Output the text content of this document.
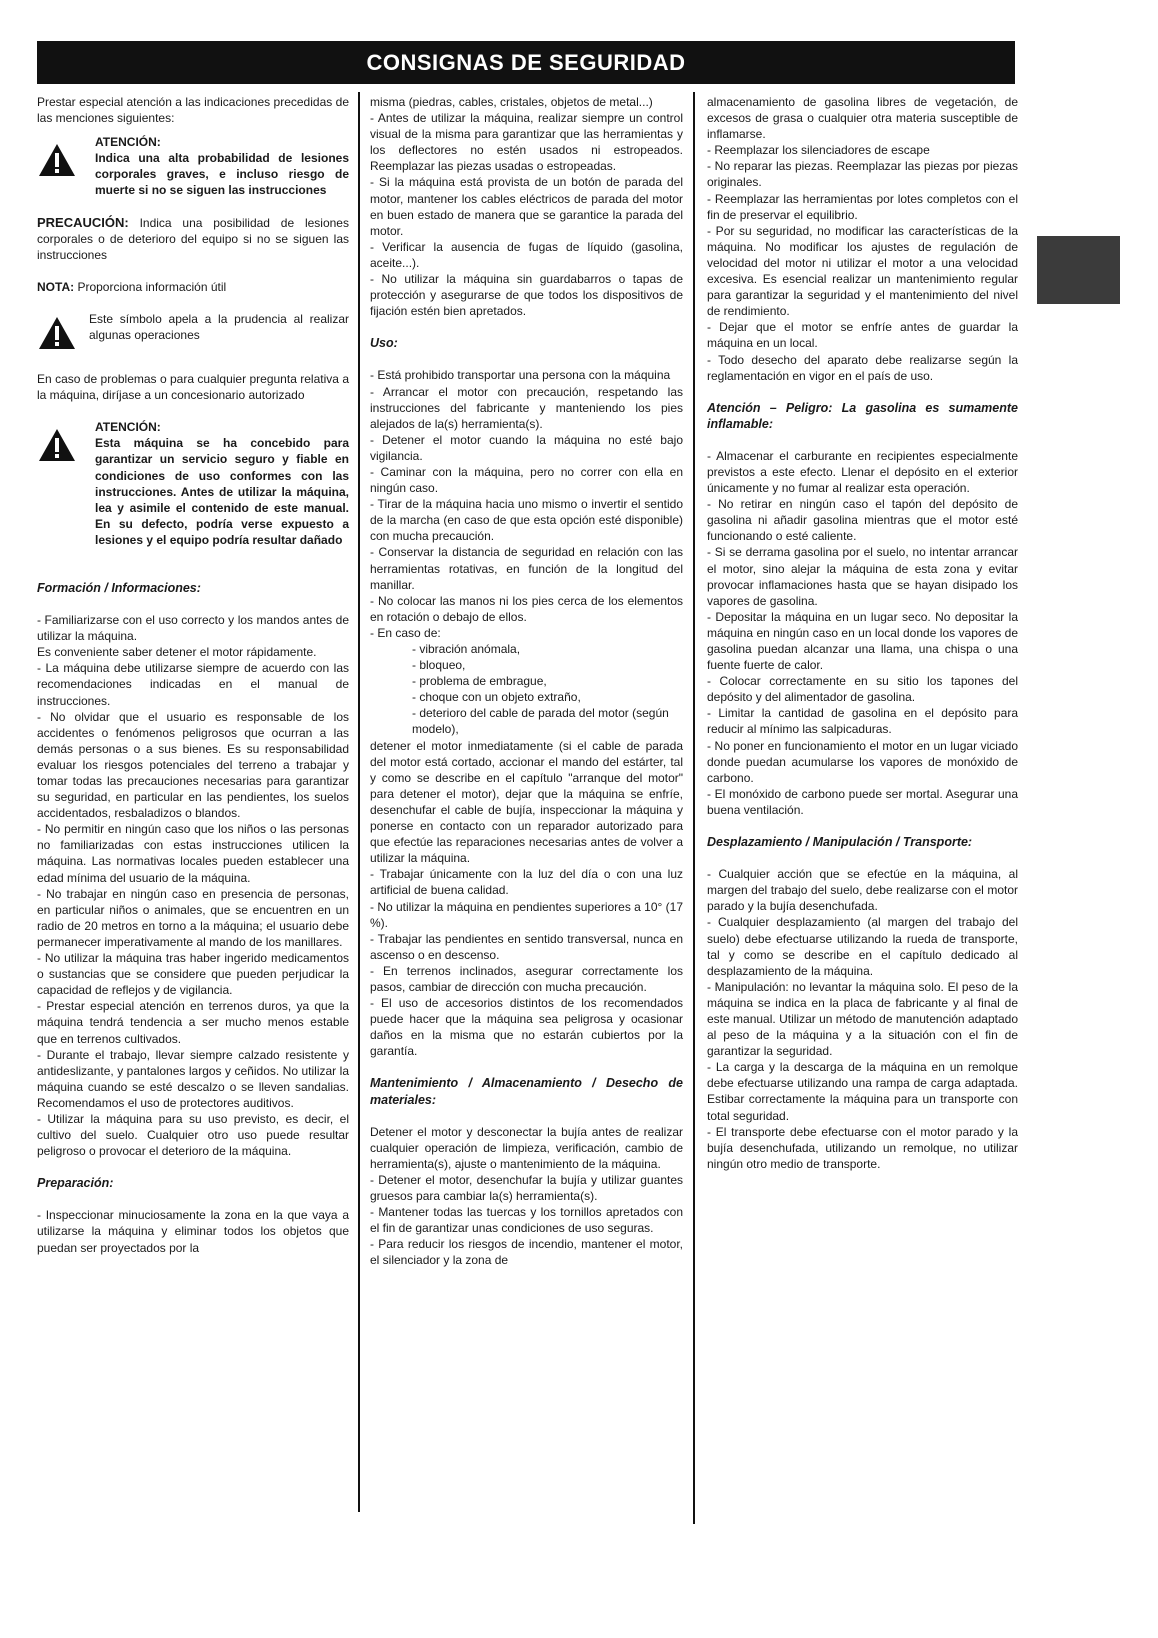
CONSIGNAS DE SEGURIDAD

Prestar especial atención a las indicaciones precedidas de las menciones siguientes:

ATENCIÓN:

Indica una alta probabilidad de lesiones corporales graves, e incluso riesgo de muerte si no se siguen las instrucciones

PRECAUCIÓN: Indica una posibilidad de lesiones corporales o de deterioro del equipo si no se siguen las instrucciones

NOTA: Proporciona información útil

Este símbolo apela a la prudencia al realizar algunas operaciones

En caso de problemas o para cualquier pregunta relativa a la máquina, diríjase a un concesionario autorizado

ATENCIÓN:

Esta máquina se ha concebido para garantizar un servicio seguro y fiable en condiciones de uso conformes con las instrucciones. Antes de utilizar la máquina, lea y asimile el contenido de este manual. En su defecto, podría verse expuesto a lesiones y el equipo podría resultar dañado

Formación / Informaciones:

- Familiarizarse con el uso correcto y los mandos antes de utilizar la máquina.

Es conveniente saber detener el motor rápidamente.

- La máquina debe utilizarse siempre de acuerdo con las recomendaciones indicadas en el manual de instrucciones.

- No olvidar que el usuario es responsable de los accidentes o fenómenos peligrosos que ocurran a las demás personas o a sus bienes. Es su responsabilidad evaluar los riesgos potenciales del terreno a trabajar y tomar todas las precauciones necesarias para garantizar su seguridad, en particular en las pendientes, los suelos accidentados, resbaladizos o blandos.

- No permitir en ningún caso que los niños o las personas no familiarizadas con estas instrucciones utilicen la máquina. Las normativas locales pueden establecer una edad mínima del usuario de la máquina.

- No trabajar en ningún caso en presencia de personas, en particular niños o animales, que se encuentren en un radio de 20 metros en torno a la máquina; el usuario debe permanecer imperativamente al mando de los manillares.

- No utilizar la máquina tras haber ingerido medicamentos o sustancias que se considere que pueden perjudicar la capacidad de reflejos y de vigilancia.

- Prestar especial atención en terrenos duros, ya que la máquina tendrá tendencia a ser mucho menos estable que en terrenos cultivados.

- Durante el trabajo, llevar siempre calzado resistente y antideslizante, y pantalones largos y ceñidos. No utilizar la máquina cuando se esté descalzo o se lleven sandalias. Recomendamos el uso de protectores auditivos.

- Utilizar la máquina para su uso previsto, es decir, el cultivo del suelo. Cualquier otro uso puede resultar peligroso o provocar el deterioro de la máquina.

Preparación:

- Inspeccionar minuciosamente la zona en la que vaya a utilizarse la máquina y eliminar todos los objetos que puedan ser proyectados por la

misma (piedras, cables, cristales, objetos de metal...)

- Antes de utilizar la máquina, realizar siempre un control visual de la misma para garantizar que las herramientas y los deflectores no estén usados ni estropeados. Reemplazar las piezas usadas o estropeadas.

- Si la máquina está provista de un botón de parada del motor, mantener los cables eléctricos de parada del motor en buen estado de manera que se garantice la parada del motor.

- Verificar la ausencia de fugas de líquido (gasolina, aceite...).

- No utilizar la máquina sin guardabarros o tapas de protección y asegurarse de que todos los dispositivos de fijación estén bien apretados.

Uso:

- Está prohibido transportar una persona con la máquina

- Arrancar el motor con precaución, respetando las instrucciones del fabricante y manteniendo los pies alejados de la(s) herramienta(s).

- Detener el motor cuando la máquina no esté bajo vigilancia.

- Caminar con la máquina, pero no correr con ella en ningún caso.

- Tirar de la máquina hacia uno mismo o invertir el sentido de la marcha (en caso de que esta opción esté disponible) con mucha precaución.

- Conservar la distancia de seguridad en relación con las herramientas rotativas, en función de la longitud del manillar.

- No colocar las manos ni los pies cerca de los elementos en rotación o debajo de ellos.

- En caso de:

- vibración anómala,

- bloqueo,

- problema de embrague,

- choque con un objeto extraño,

- deterioro del cable de parada del motor (según modelo),

detener el motor inmediatamente (si el cable de parada del motor está cortado, accionar el mando del estárter, tal y como se describe en el capítulo "arranque del motor" para detener el motor), dejar que la máquina se enfríe, desenchufar el cable de bujía, inspeccionar la máquina y ponerse en contacto con un reparador autorizado para que efectúe las reparaciones necesarias antes de volver a utilizar la máquina.

- Trabajar únicamente con la luz del día o con una luz artificial de buena calidad.

- No utilizar la máquina en pendientes superiores a 10° (17 %).

- Trabajar las pendientes en sentido transversal, nunca en ascenso o en descenso.

- En terrenos inclinados, asegurar correctamente los pasos, cambiar de dirección con mucha precaución.

- El uso de accesorios distintos de los recomendados puede hacer que la máquina sea peligrosa y ocasionar daños en la misma que no estarán cubiertos por la garantía.

Mantenimiento / Almacenamiento / Desecho de materiales:

Detener el motor y desconectar la bujía antes de realizar cualquier operación de limpieza, verificación, cambio de herramienta(s), ajuste o mantenimiento de la máquina.

- Detener el motor, desenchufar la bujía y utilizar guantes gruesos para cambiar la(s) herramienta(s).

- Mantener todas las tuercas y los tornillos apretados con el fin de garantizar unas condiciones de uso seguras.

- Para reducir los riesgos de incendio, mantener el motor, el silenciador y la zona de

almacenamiento de gasolina libres de vegetación, de excesos de grasa o cualquier otra materia susceptible de inflamarse.

- Reemplazar los silenciadores de escape

- No reparar las piezas. Reemplazar las piezas por piezas originales.

- Reemplazar las herramientas por lotes completos con el fin de preservar el equilibrio.

- Por su seguridad, no modificar las características de la máquina. No modificar los ajustes de regulación de velocidad del motor ni utilizar el motor a una velocidad excesiva. Es esencial realizar un mantenimiento regular para garantizar la seguridad y el mantenimiento del nivel de rendimiento.

- Dejar que el motor se enfríe antes de guardar la máquina en un local.

- Todo desecho del aparato debe realizarse según la reglamentación en vigor en el país de uso.

Atención – Peligro: La gasolina es sumamente inflamable:

- Almacenar el carburante en recipientes especialmente previstos a este efecto. Llenar el depósito en el exterior únicamente y no fumar al realizar esta operación.

- No retirar en ningún caso el tapón del depósito de gasolina ni añadir gasolina mientras que el motor esté funcionando o esté caliente.

- Si se derrama gasolina por el suelo, no intentar arrancar el motor, sino alejar la máquina de esta zona y evitar provocar inflamaciones hasta que se hayan disipado los vapores de gasolina.

- Depositar la máquina en un lugar seco. No depositar la máquina en ningún caso en un local donde los vapores de gasolina puedan alcanzar una llama, una chispa o una fuente fuerte de calor.

- Colocar correctamente en su sitio los tapones del depósito y del alimentador de gasolina.

- Limitar la cantidad de gasolina en el depósito para reducir al mínimo las salpicaduras.

- No poner en funcionamiento el motor en un lugar viciado donde puedan acumularse los vapores de monóxido de carbono.

- El monóxido de carbono puede ser mortal. Asegurar una buena ventilación.

Desplazamiento / Manipulación / Transporte:

- Cualquier acción que se efectúe en la máquina, al margen del trabajo del suelo, debe realizarse con el motor parado y la bujía desenchufada.

- Cualquier desplazamiento (al margen del trabajo del suelo) debe efectuarse utilizando la rueda de transporte, tal y como se describe en el capítulo dedicado al desplazamiento de la máquina.

- Manipulación: no levantar la máquina solo. El peso de la máquina se indica en la placa de fabricante y al final de este manual. Utilizar un método de manutención adaptado al peso de la máquina y a la situación con el fin de garantizar la seguridad.

- La carga y la descarga de la máquina en un remolque debe efectuarse utilizando una rampa de carga adaptada. Estibar correctamente la máquina para un transporte con total seguridad.

- El transporte debe efectuarse con el motor parado y la bujía desenchufada, utilizando un remolque, no utilizar ningún otro medio de transporte.
